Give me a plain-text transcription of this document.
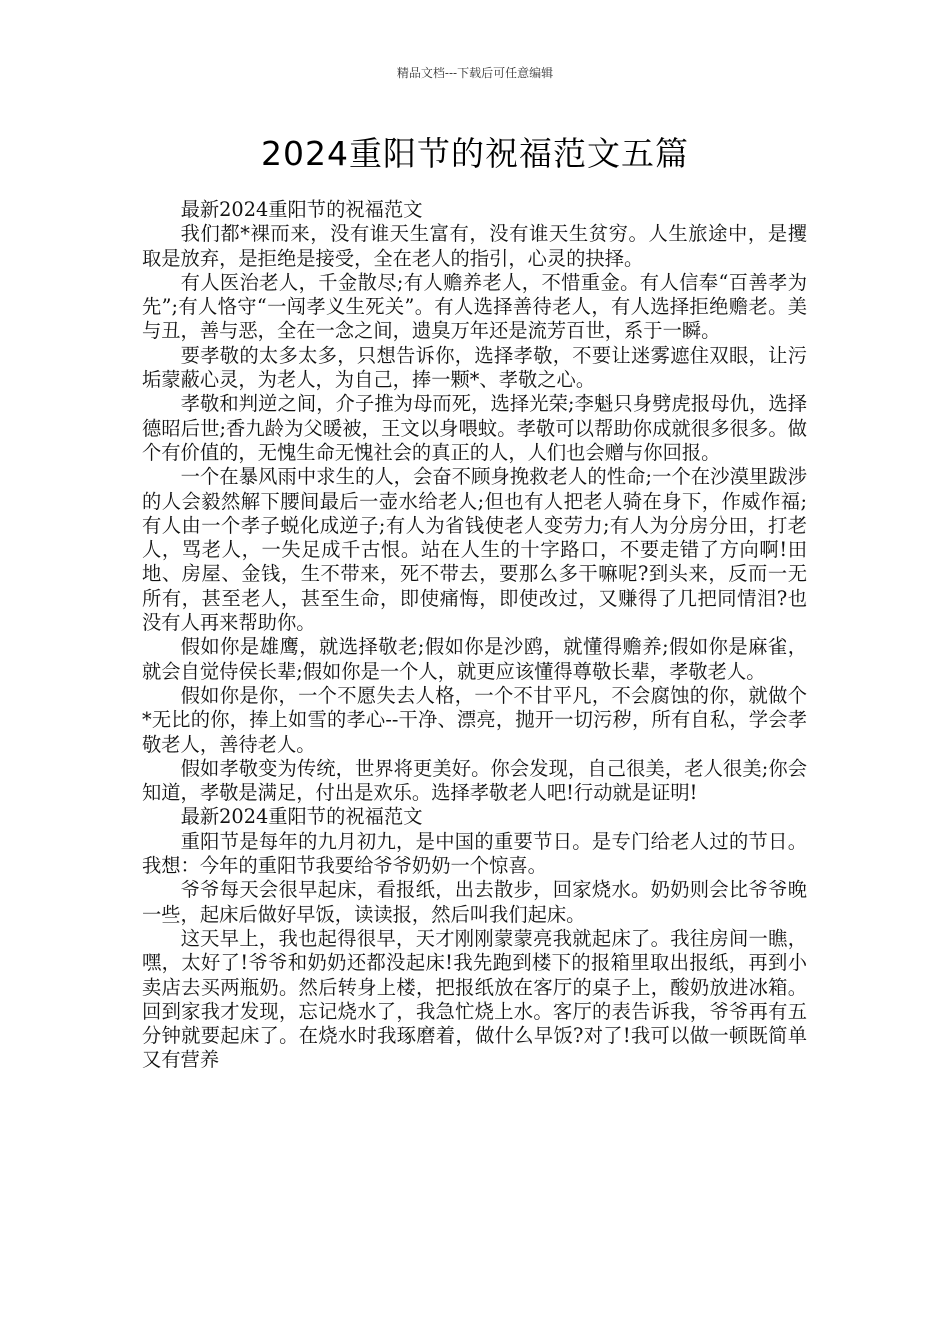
精品文档---下载后可任意编辑
2024重阳节的祝福范文五篇

最新2024重阳节的祝福范文

我们都*裸而来，没有谁天生富有，没有谁天生贫穷。人生旅途中，是攫取是放弃，是拒绝是接受，全在老人的指引，心灵的抉择。

有人医治老人，千金散尽;有人赡养老人，不惜重金。有人信奉“百善孝为先”;有人恪守“一闯孝义生死关”。有人选择善待老人，有人选择拒绝赡老。美与丑，善与恶，全在一念之间，遗臭万年还是流芳百世，系于一瞬。

要孝敬的太多太多，只想告诉你，选择孝敬，不要让迷雾遮住双眼，让污垢蒙蔽心灵，为老人，为自己，捧一颗*、孝敬之心。

孝敬和判逆之间，介子推为母而死，选择光荣;李魁只身劈虎报母仇，选择德昭后世;香九龄为父暖被，王文以身喂蚊。孝敬可以帮助你成就很多很多。做个有价值的，无愧生命无愧社会的真正的人，人们也会赠与你回报。

一个在暴风雨中求生的人，会奋不顾身挽救老人的性命;一个在沙漠里跋涉的人会毅然解下腰间最后一壶水给老人;但也有人把老人骑在身下，作威作福;有人由一个孝子蜕化成逆子;有人为省钱使老人变劳力;有人为分房分田，打老人，骂老人，一失足成千古恨。站在人生的十字路口，不要走错了方向啊!田地、房屋、金钱，生不带来，死不带去，要那么多干嘛呢?到头来，反而一无所有，甚至老人，甚至生命，即使痛悔，即使改过，又赚得了几把同情泪?也没有人再来帮助你。

假如你是雄鹰，就选择敬老;假如你是沙鸥，就懂得赡养;假如你是麻雀，就会自觉侍侯长辈;假如你是一个人，就更应该懂得尊敬长辈，孝敬老人。

假如你是你，一个不愿失去人格，一个不甘平凡，不会腐蚀的你，就做个*无比的你，捧上如雪的孝心--干净、漂亮，抛开一切污秽，所有自私，学会孝敬老人，善待老人。

假如孝敬变为传统，世界将更美好。你会发现，自己很美，老人很美;你会知道，孝敬是满足，付出是欢乐。选择孝敬老人吧!行动就是证明!

最新2024重阳节的祝福范文

重阳节是每年的九月初九，是中国的重要节日。是专门给老人过的节日。我想：今年的重阳节我要给爷爷奶奶一个惊喜。

爷爷每天会很早起床，看报纸，出去散步，回家烧水。奶奶则会比爷爷晚一些，起床后做好早饭，读读报，然后叫我们起床。

这天早上，我也起得很早，天才刚刚蒙蒙亮我就起床了。我往房间一瞧，嘿，太好了!爷爷和奶奶还都没起床!我先跑到楼下的报箱里取出报纸，再到小卖店去买两瓶奶。然后转身上楼，把报纸放在客厅的桌子上，酸奶放进冰箱。回到家我才发现，忘记烧水了，我急忙烧上水。客厅的表告诉我，爷爷再有五分钟就要起床了。在烧水时我琢磨着，做什么早饭?对了!我可以做一顿既简单又有营养
